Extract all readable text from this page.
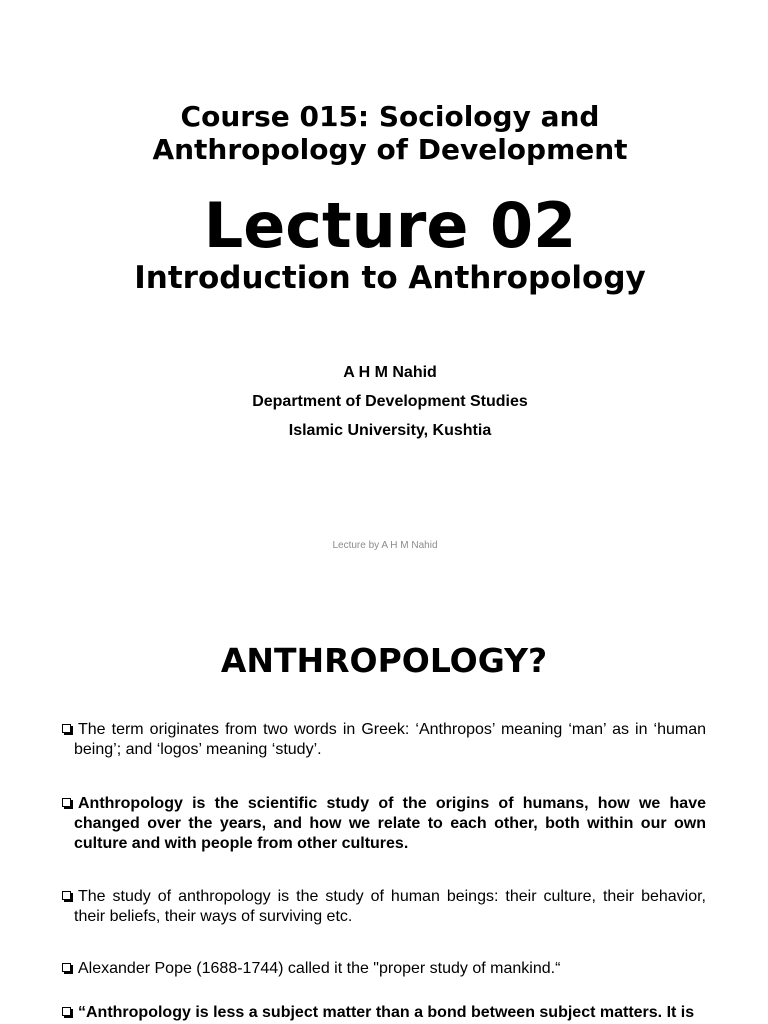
Course 015: Sociology and
Anthropology of Development
Lecture 02
Introduction to Anthropology
A H M Nahid
Department of Development Studies
Islamic University, Kushtia
Lecture by A H M Nahid
ANTHROPOLOGY?
The term originates from two words in Greek: ‘Anthropos’ meaning ‘man’ as in ‘human being’; and ‘logos’ meaning ‘study’.
Anthropology is the scientific study of the origins of humans, how we have changed over the years, and how we relate to each other, both within our own culture and with people from other cultures.
The study of anthropology is the study of human beings: their culture, their behavior, their beliefs, their ways of surviving etc.
Alexander Pope (1688-1744) called it the "proper study of mankind.“
“Anthropology is less a subject matter than a bond between subject matters. It is
